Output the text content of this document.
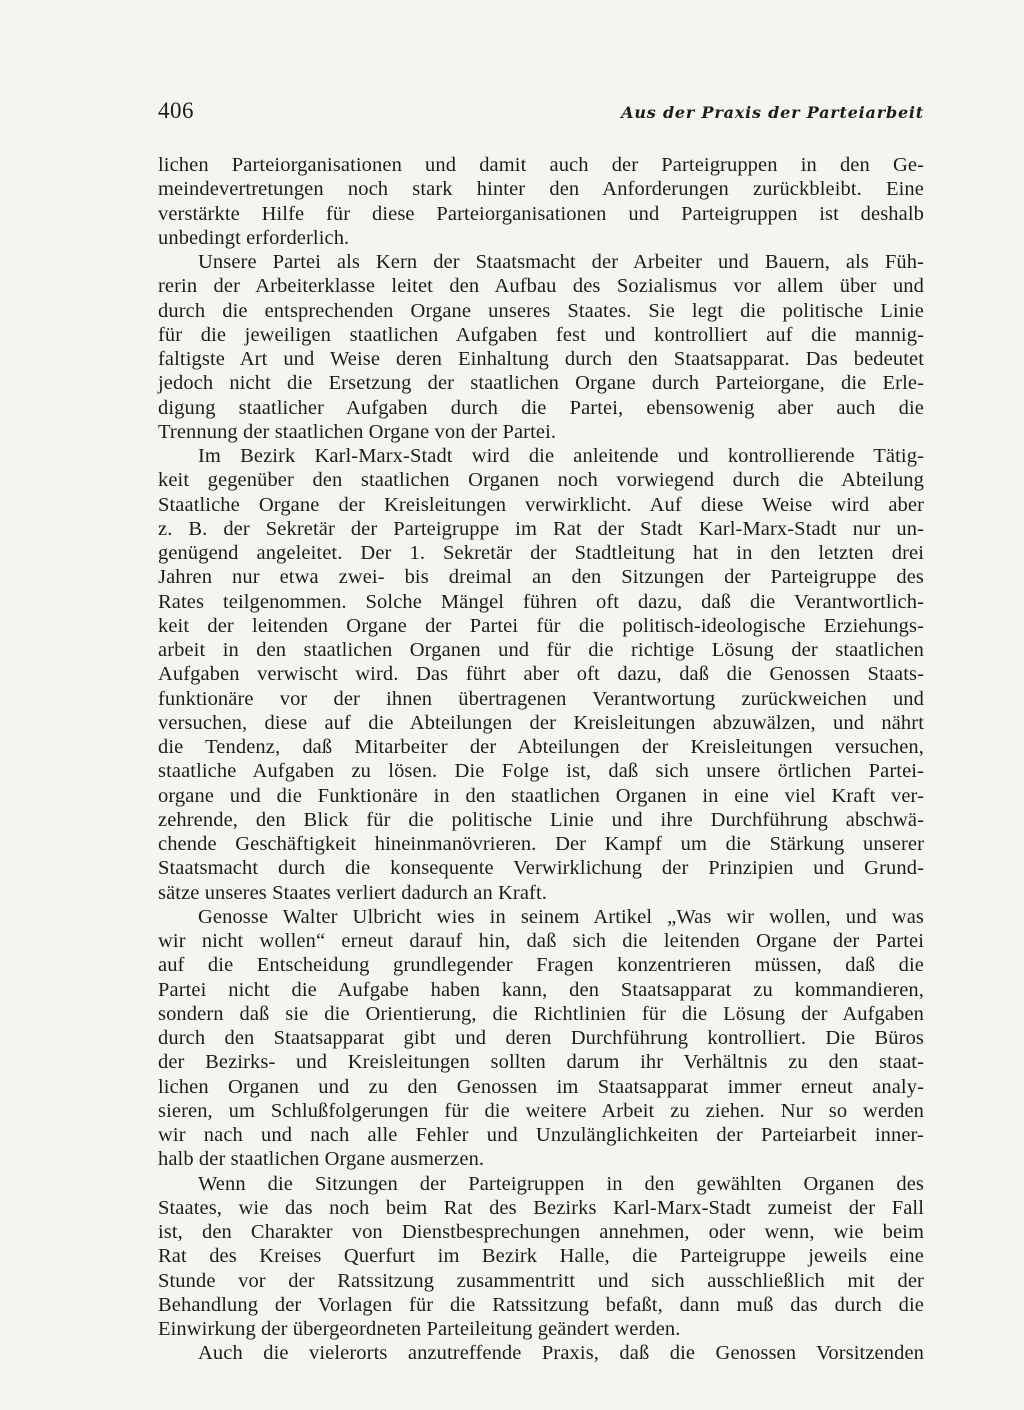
406	Aus der Praxis der Parteiarbeit

lichen Parteiorganisationen und damit auch der Parteigruppen in den Ge-

meindevertretungen noch stark hinter den Anforderungen zurückbleibt. Eine

verstärkte Hilfe für diese Parteiorganisationen und Parteigruppen ist deshalb

unbedingt erforderlich.

Unsere Partei als Kern der Staatsmacht der Arbeiter und Bauern, als Füh-

rerin der Arbeiterklasse leitet den Aufbau des Sozialismus vor allem über und

durch die entsprechenden Organe unseres Staates. Sie legt die politische Linie

für die jeweiligen staatlichen Aufgaben fest und kontrolliert auf die mannig-

faltigste Art und Weise deren Einhaltung durch den Staatsapparat. Das bedeutet

jedoch nicht die Ersetzung der staatlichen Organe durch Parteiorgane, die Erle-

digung staatlicher Aufgaben durch die Partei, ebensowenig aber auch die

Trennung der staatlichen Organe von der Partei.

Im Bezirk Karl-Marx-Stadt wird die anleitende und kontrollierende Tätig-

keit gegenüber den staatlichen Organen noch vorwiegend durch die Abteilung

Staatliche Organe der Kreisleitungen verwirklicht. Auf diese Weise wird aber

z. B. der Sekretär der Parteigruppe im Rat der Stadt Karl-Marx-Stadt nur un-

genügend angeleitet. Der 1. Sekretär der Stadtleitung hat in den letzten drei

Jahren nur etwa zwei- bis dreimal an den Sitzungen der Parteigruppe des

Rates teilgenommen. Solche Mängel führen oft dazu, daß die Verantwortlich-

keit der leitenden Organe der Partei für die politisch-ideologische Erziehungs-

arbeit in den staatlichen Organen und für die richtige Lösung der staatlichen

Aufgaben verwischt wird. Das führt aber oft dazu, daß die Genossen Staats-

funktionäre vor der ihnen übertragenen Verantwortung zurückweichen und

versuchen, diese auf die Abteilungen der Kreisleitungen abzuwälzen, und nährt

die Tendenz, daß Mitarbeiter der Abteilungen der Kreisleitungen versuchen,

staatliche Aufgaben zu lösen. Die Folge ist, daß sich unsere örtlichen Partei-

organe und die Funktionäre in den staatlichen Organen in eine viel Kraft ver-

zehrende, den Blick für die politische Linie und ihre Durchführung abschwä-

chende Geschäftigkeit hineinmanövrieren. Der Kampf um die Stärkung unserer

Staatsmacht durch die konsequente Verwirklichung der Prinzipien und Grund-

sätze unseres Staates verliert dadurch an Kraft.

Genosse Walter Ulbricht wies in seinem Artikel „Was wir wollen, und was

wir nicht wollen“ erneut darauf hin, daß sich die leitenden Organe der Partei

auf die Entscheidung grundlegender Fragen konzentrieren müssen, daß die

Partei nicht die Aufgabe haben kann, den Staatsapparat zu kommandieren,

sondern daß sie die Orientierung, die Richtlinien für die Lösung der Aufgaben

durch den Staatsapparat gibt und deren Durchführung kontrolliert. Die Büros

der Bezirks- und Kreisleitungen sollten darum ihr Verhältnis zu den staat-

lichen Organen und zu den Genossen im Staatsapparat immer erneut analy-

sieren, um Schlußfolgerungen für die weitere Arbeit zu ziehen. Nur so werden

wir nach und nach alle Fehler und Unzulänglichkeiten der Parteiarbeit inner-

halb der staatlichen Organe ausmerzen.

Wenn die Sitzungen der Parteigruppen in den gewählten Organen des

Staates, wie das noch beim Rat des Bezirks Karl-Marx-Stadt zumeist der Fall

ist, den Charakter von Dienstbesprechungen annehmen, oder wenn, wie beim

Rat des Kreises Querfurt im Bezirk Halle, die Parteigruppe jeweils eine

Stunde vor der Ratssitzung zusammentritt und sich ausschließlich mit der

Behandlung der Vorlagen für die Ratssitzung befaßt, dann muß das durch die

Einwirkung der übergeordneten Parteileitung geändert werden.

Auch die vielerorts anzutreffende Praxis, daß die Genossen Vorsitzenden
